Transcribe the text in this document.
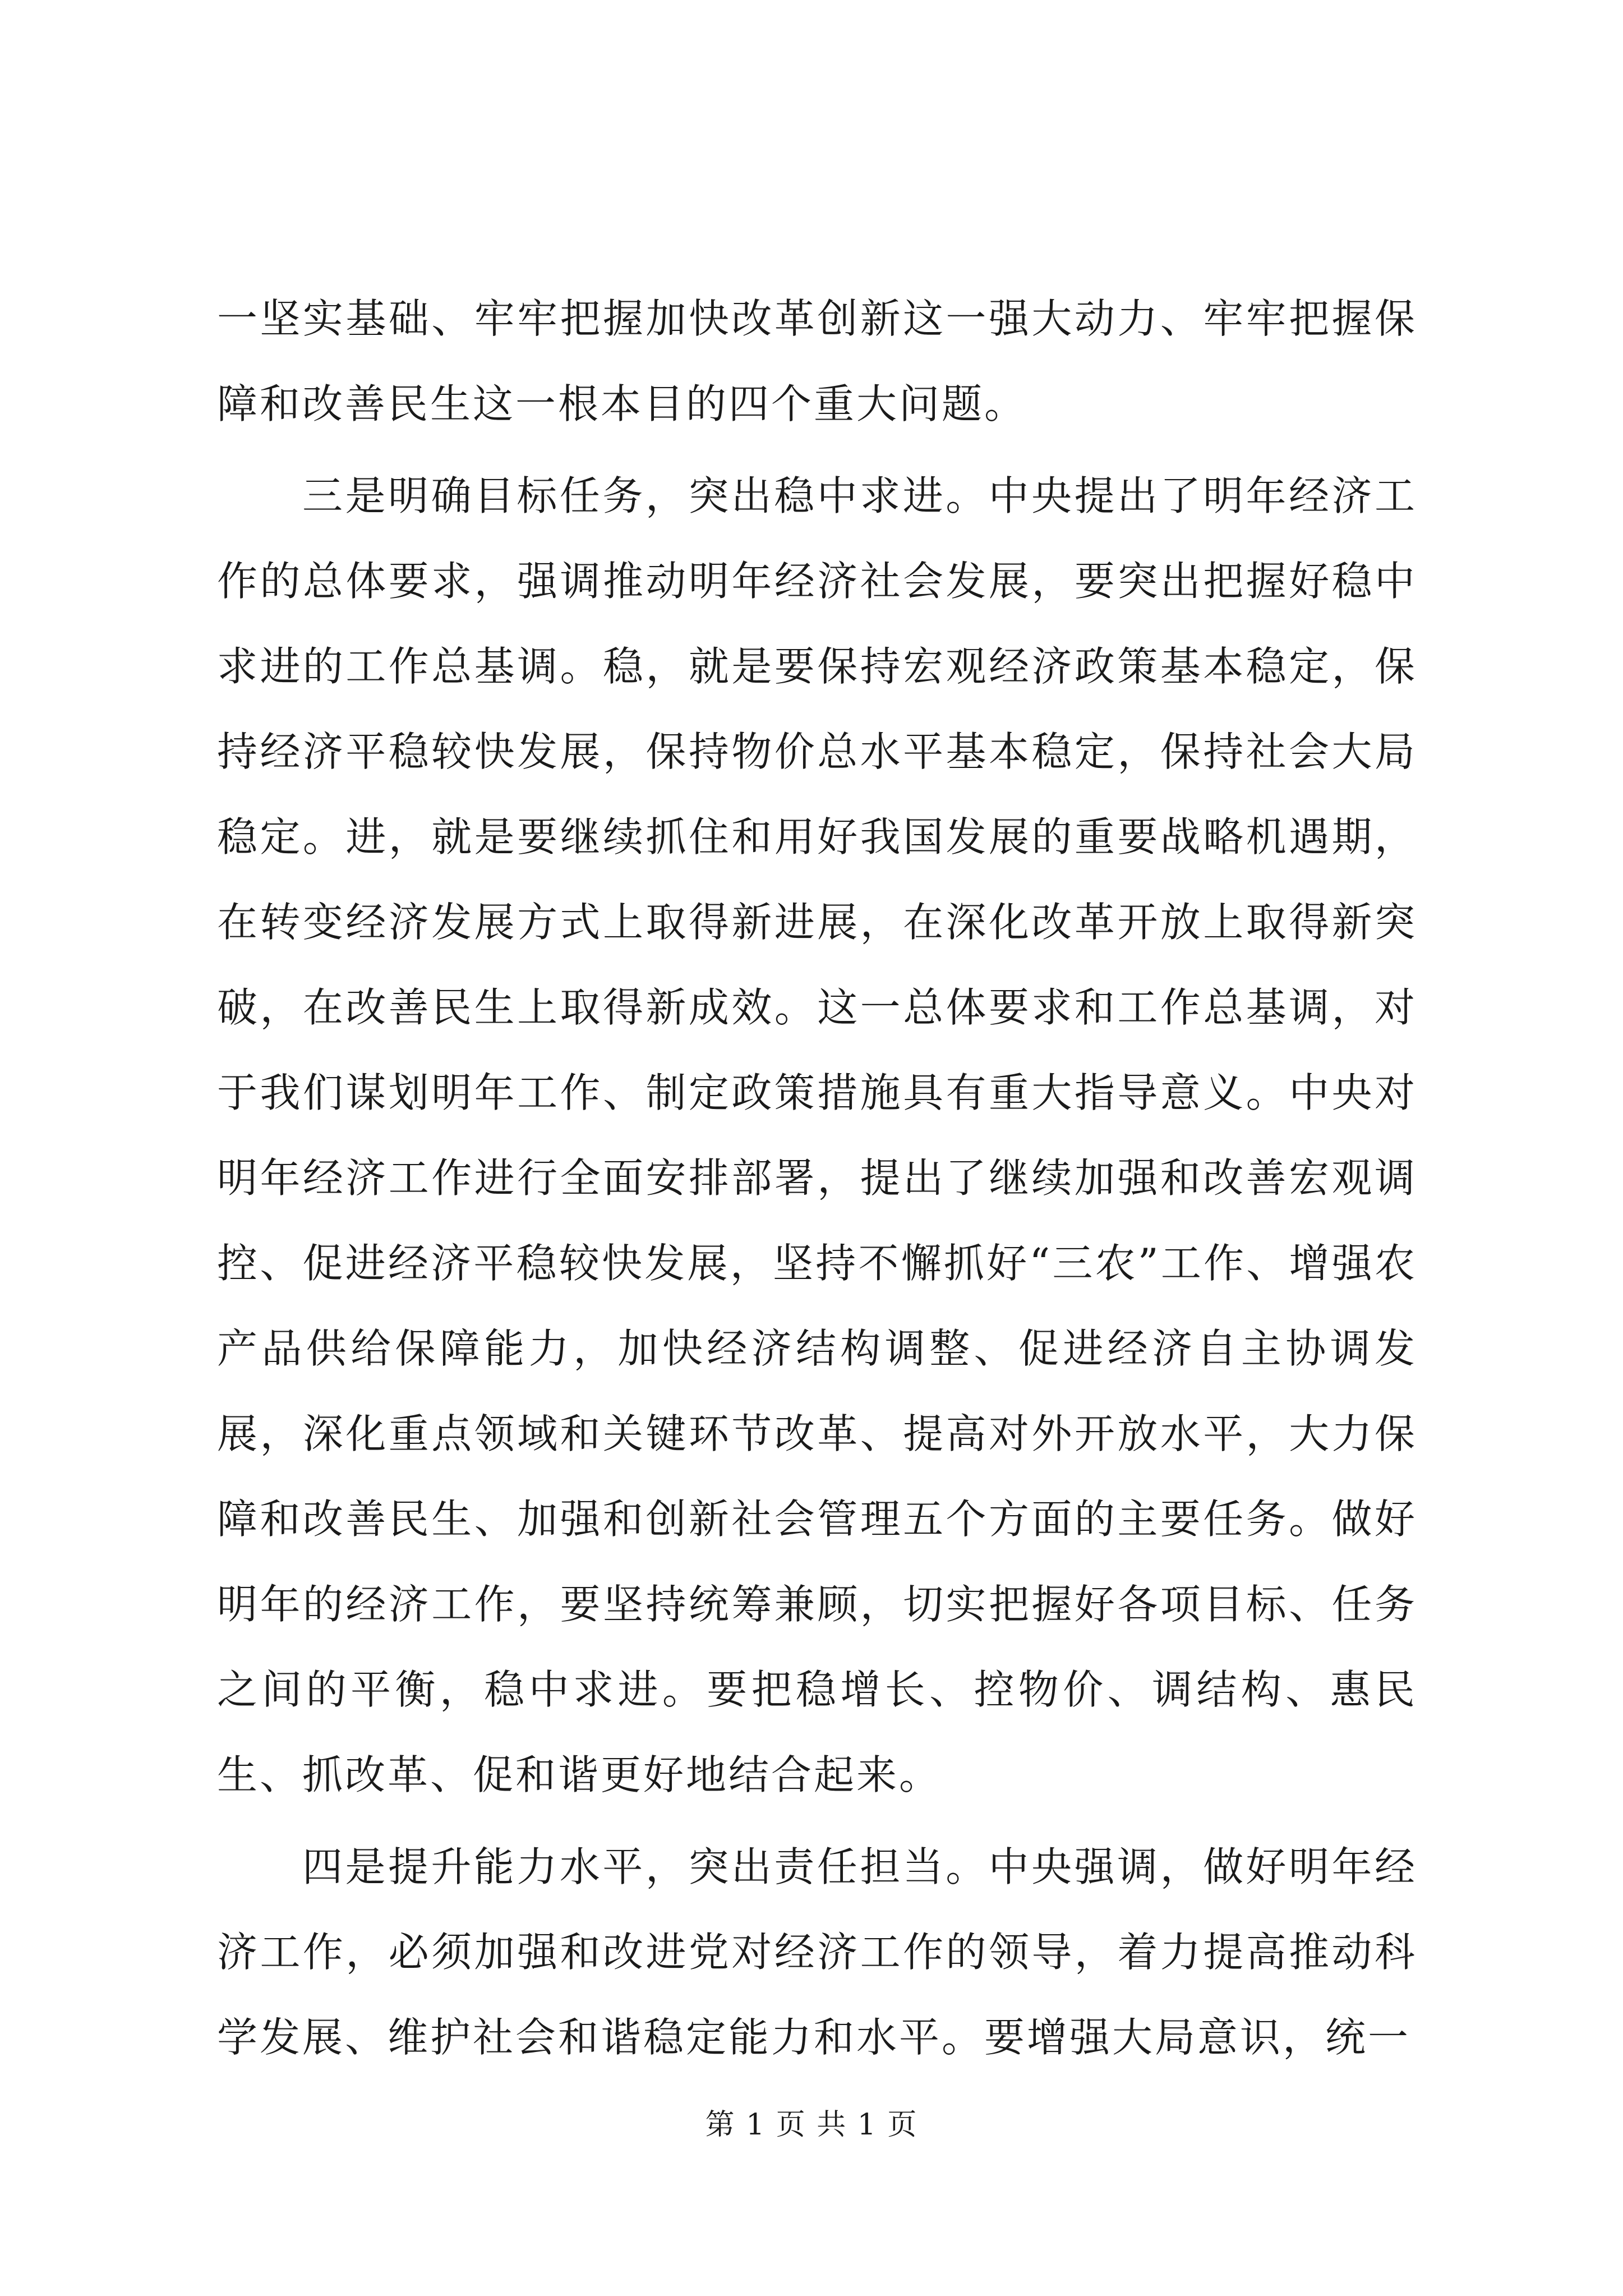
一坚实基础、牢牢把握加快改革创新这一强大动力、牢牢把握保障和改善民生这一根本目的四个重大问题。

三是明确目标任务，突出稳中求进。中央提出了明年经济工作的总体要求，强调推动明年经济社会发展，要突出把握好稳中求进的工作总基调。稳，就是要保持宏观经济政策基本稳定，保持经济平稳较快发展，保持物价总水平基本稳定，保持社会大局稳定。进，就是要继续抓住和用好我国发展的重要战略机遇期，在转变经济发展方式上取得新进展，在深化改革开放上取得新突破，在改善民生上取得新成效。这一总体要求和工作总基调，对于我们谋划明年工作、制定政策措施具有重大指导意义。中央对明年经济工作进行全面安排部署，提出了继续加强和改善宏观调控、促进经济平稳较快发展，坚持不懈抓好“三农”工作、增强农产品供给保障能力，加快经济结构调整、促进经济自主协调发展，深化重点领域和关键环节改革、提高对外开放水平，大力保障和改善民生、加强和创新社会管理五个方面的主要任务。做好明年的经济工作，要坚持统筹兼顾，切实把握好各项目标、任务之间的平衡，稳中求进。要把稳增长、控物价、调结构、惠民生、抓改革、促和谐更好地结合起来。

四是提升能力水平，突出责任担当。中央强调，做好明年经济工作，必须加强和改进党对经济工作的领导，着力提高推动科学发展、维护社会和谐稳定能力和水平。要增强大局意识，统一

第 1 页 共 1 页
